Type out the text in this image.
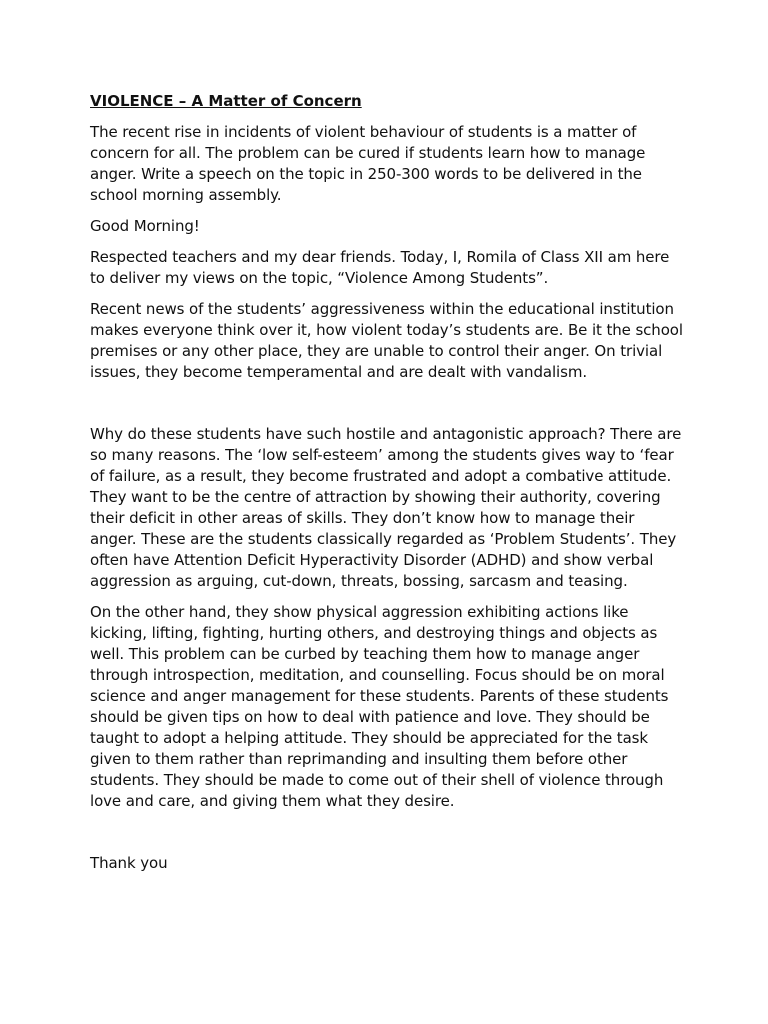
VIOLENCE – A Matter of Concern
The recent rise in incidents of violent behaviour of students is a matter of concern for all. The problem can be cured if students learn how to manage anger. Write a speech on the topic in 250-300 words to be delivered in the school morning assembly.
Good Morning!
Respected teachers and my dear friends. Today, I, Romila of Class XII am here to deliver my views on the topic, “Violence Among Students”.
Recent news of the students’ aggressiveness within the educational institution makes everyone think over it, how violent today’s students are. Be it the school premises or any other place, they are unable to control their anger. On trivial issues, they become temperamental and are dealt with vandalism.
Why do these students have such hostile and antagonistic approach? There are so many reasons. The ‘low self-esteem’ among the students gives way to ‘fear of failure, as a result, they become frustrated and adopt a combative attitude. They want to be the centre of attraction by showing their authority, covering their deficit in other areas of skills. They don’t know how to manage their anger. These are the students classically regarded as ‘Problem Students’. They often have Attention Deficit Hyperactivity Disorder (ADHD) and show verbal aggression as arguing, cut-down, threats, bossing, sarcasm and teasing.
On the other hand, they show physical aggression exhibiting actions like kicking, lifting, fighting, hurting others, and destroying things and objects as well. This problem can be curbed by teaching them how to manage anger through introspection, meditation, and counselling. Focus should be on moral science and anger management for these students. Parents of these students should be given tips on how to deal with patience and love. They should be taught to adopt a helping attitude. They should be appreciated for the task given to them rather than reprimanding and insulting them before other students. They should be made to come out of their shell of violence through love and care, and giving them what they desire.
Thank you
